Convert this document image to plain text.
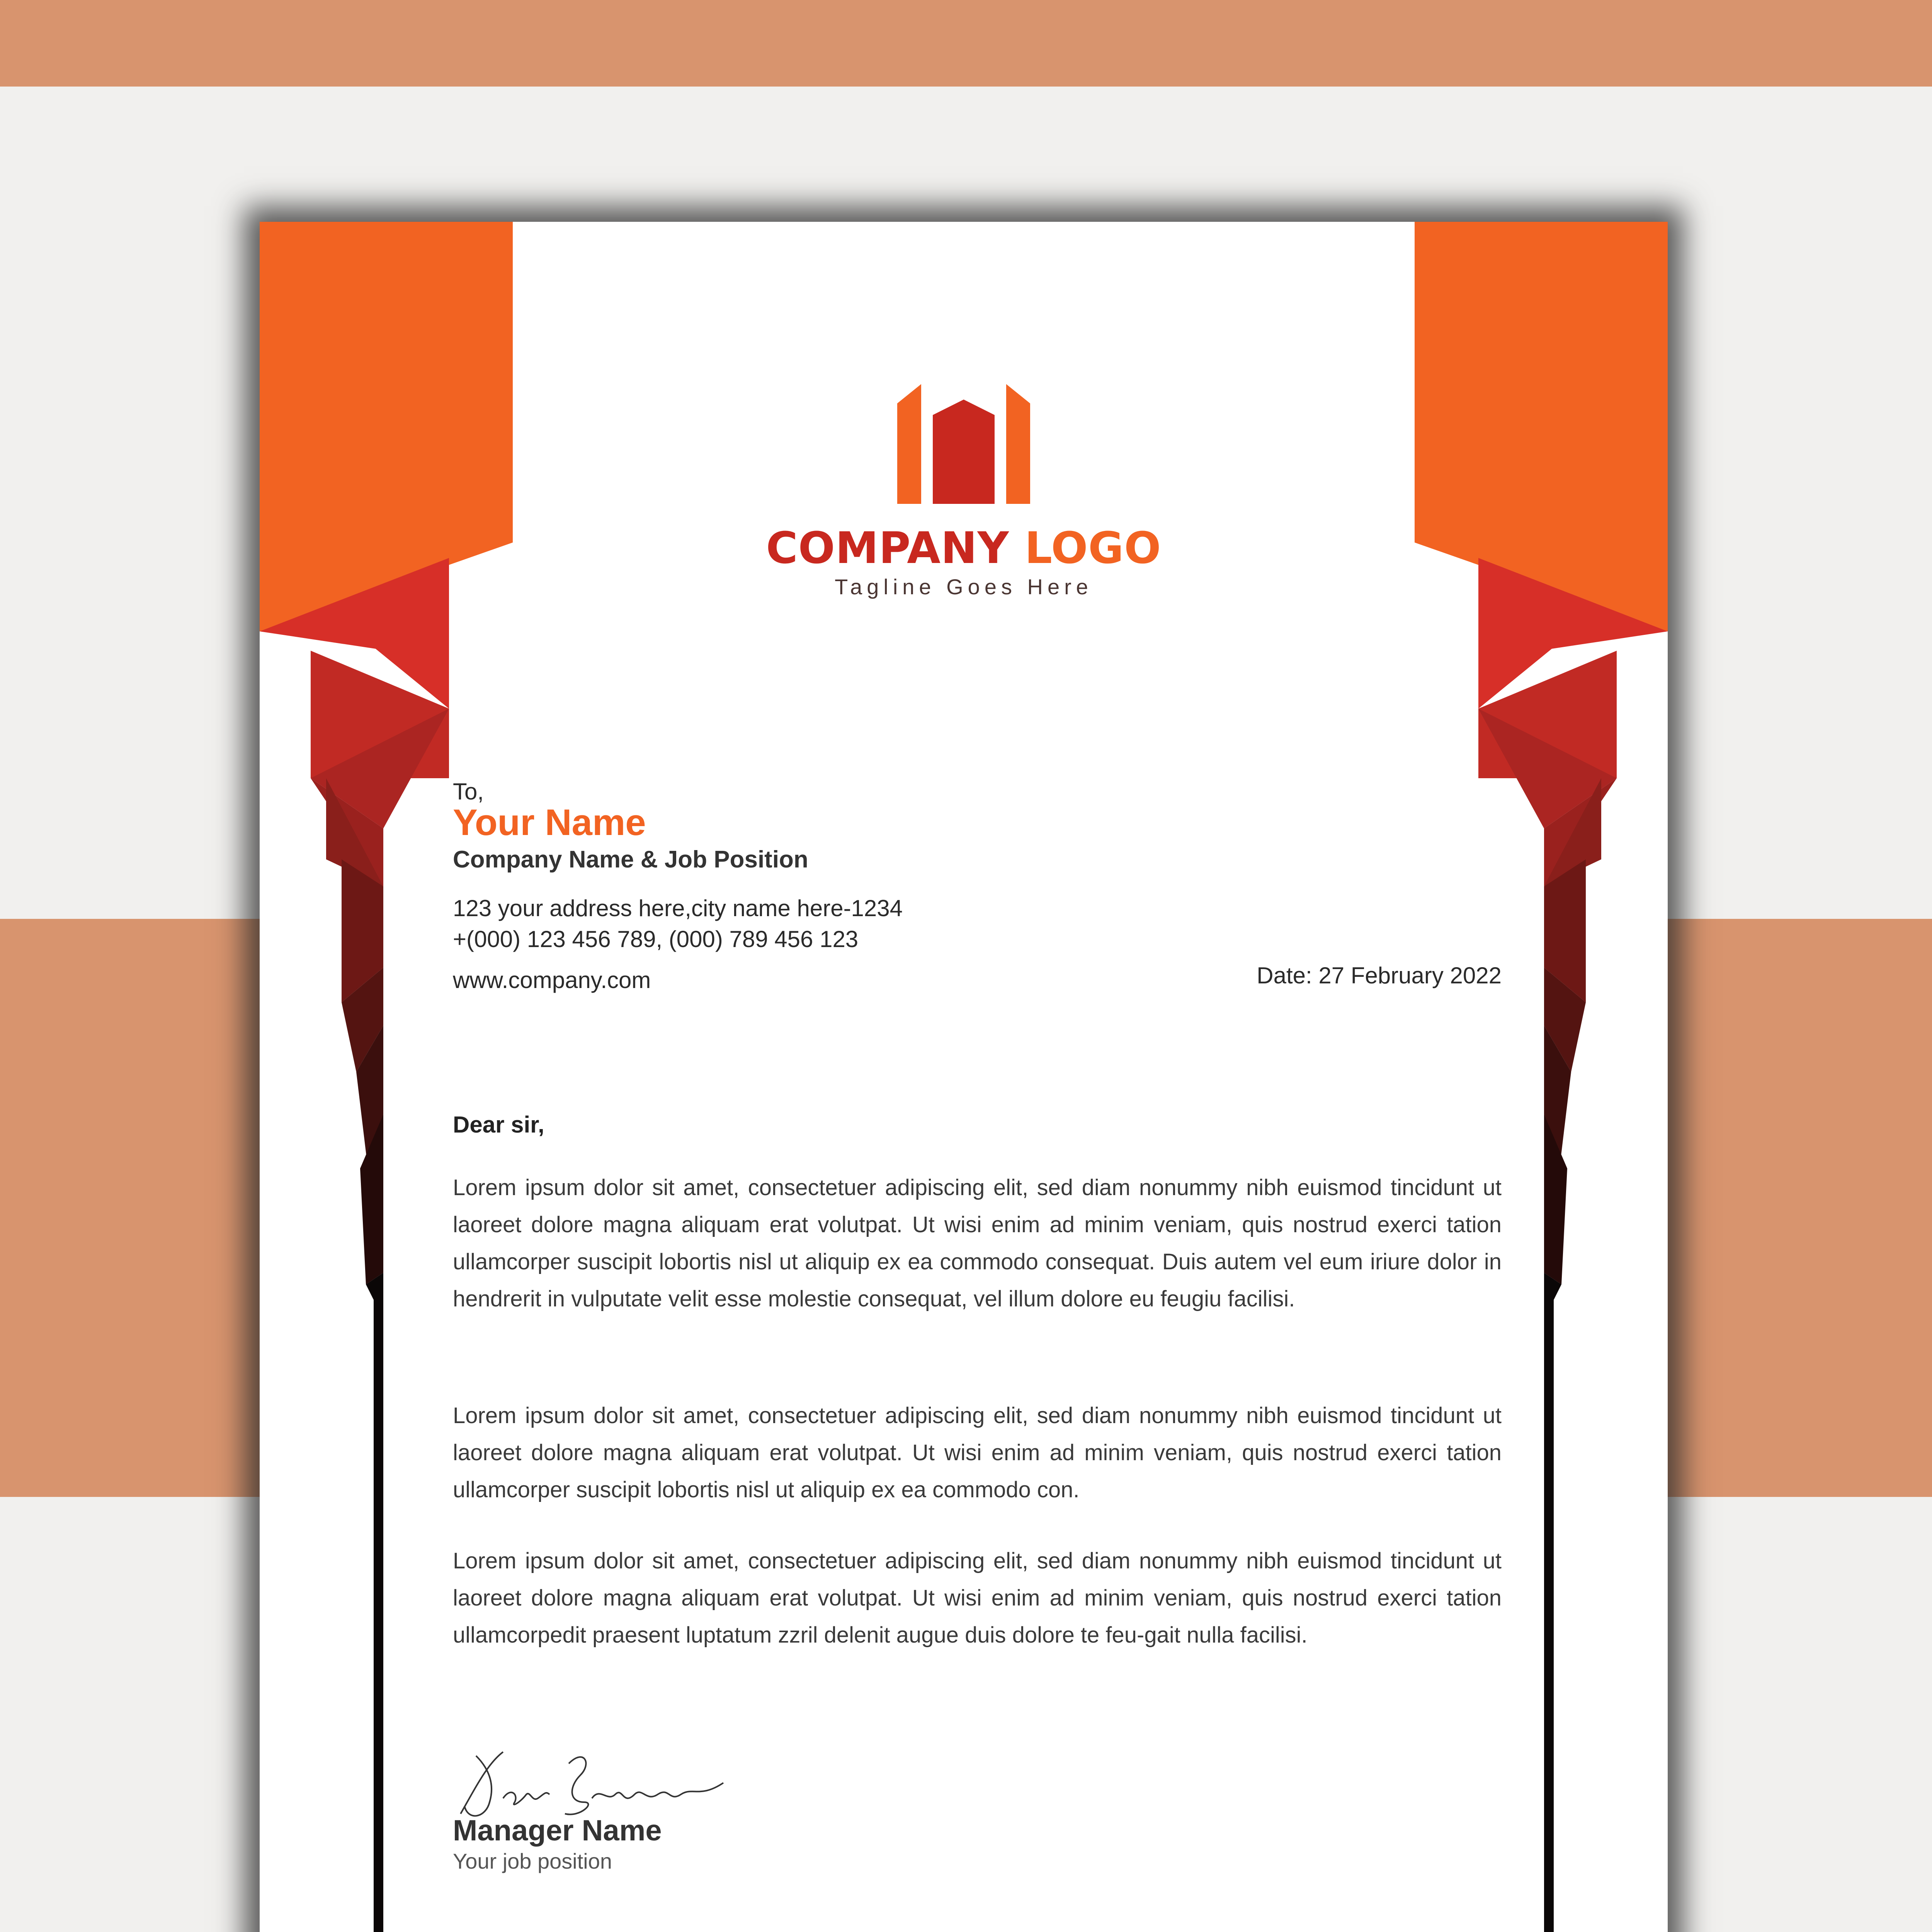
COMPANY LOGO
Tagline Goes Here
To,
Your Name
Company Name & Job Position
123 your address here,city name here-1234
+(000) 123 456 789, (000) 789 456 123
www.company.com	Date: 27 February 2022
Dear sir,
Lorem ipsum dolor sit amet, consectetuer adipiscing elit, sed diam nonummy nibh euismod tincidunt ut laoreet dolore magna aliquam erat volutpat. Ut wisi enim ad minim veniam, quis nostrud exerci tation ullamcorper suscipit lobortis nisl ut aliquip ex ea commodo consequat. Duis autem vel eum iriure dolor in hendrerit in vulputate velit esse molestie consequat, vel illum dolore eu feugiu facilisi.
Lorem ipsum dolor sit amet, consectetuer adipiscing elit, sed diam nonummy nibh euismod tincidunt ut laoreet dolore magna aliquam erat volutpat. Ut wisi enim ad minim veniam, quis nostrud exerci tation ullamcorper suscipit lobortis nisl ut aliquip ex ea commodo con.
Lorem ipsum dolor sit amet, consectetuer adipiscing elit, sed diam nonummy nibh euismod tincidunt ut laoreet dolore magna aliquam erat volutpat. Ut wisi enim ad minim veniam, quis nostrud exerci tation ullamcorpedit praesent luptatum zzril delenit augue duis dolore te feu-gait nulla facilisi.
Manager Name
Your job position
